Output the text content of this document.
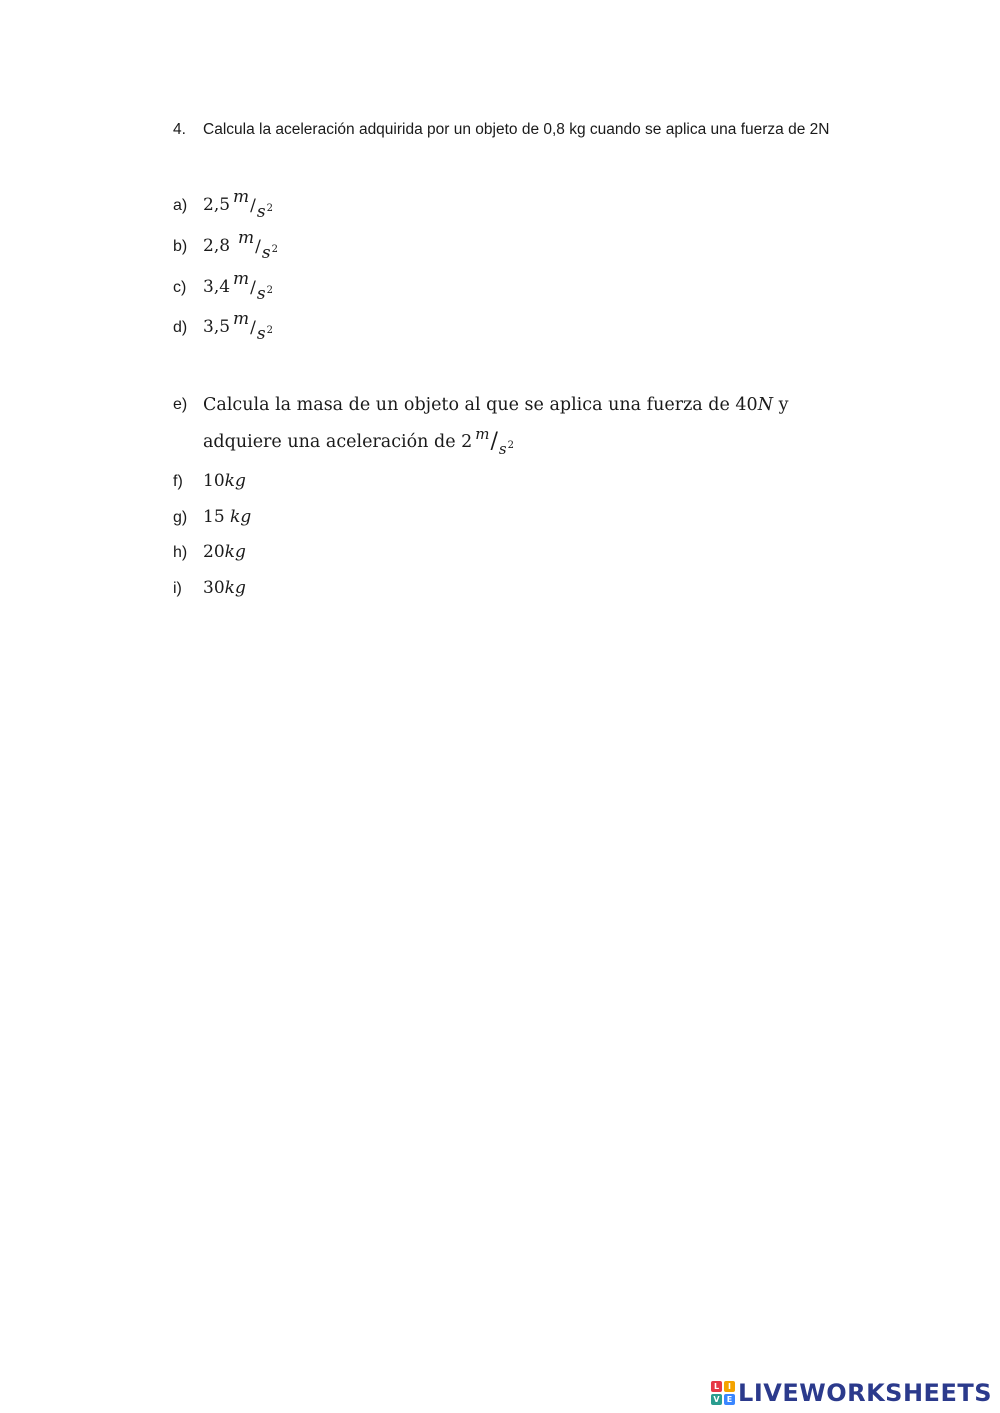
4.	Calcula la aceleración adquirida por un objeto de 0,8 kg cuando se aplica una fuerza de 2N
a) 2,5 m / $s^2$
b) 2,8 m / $s^2$
c) 3,4 m / $s^2$
d) 3,5 m / $s^2$
e) Calcula la masa de un objeto al que se aplica una fuerza de 40N y adquiere una aceleración de 2 $m/s^2$
f)	10 kg
g) 15 kg
h) 20 kg
i)	30 kg
L	I
V E LIVEWORKSHEETS
